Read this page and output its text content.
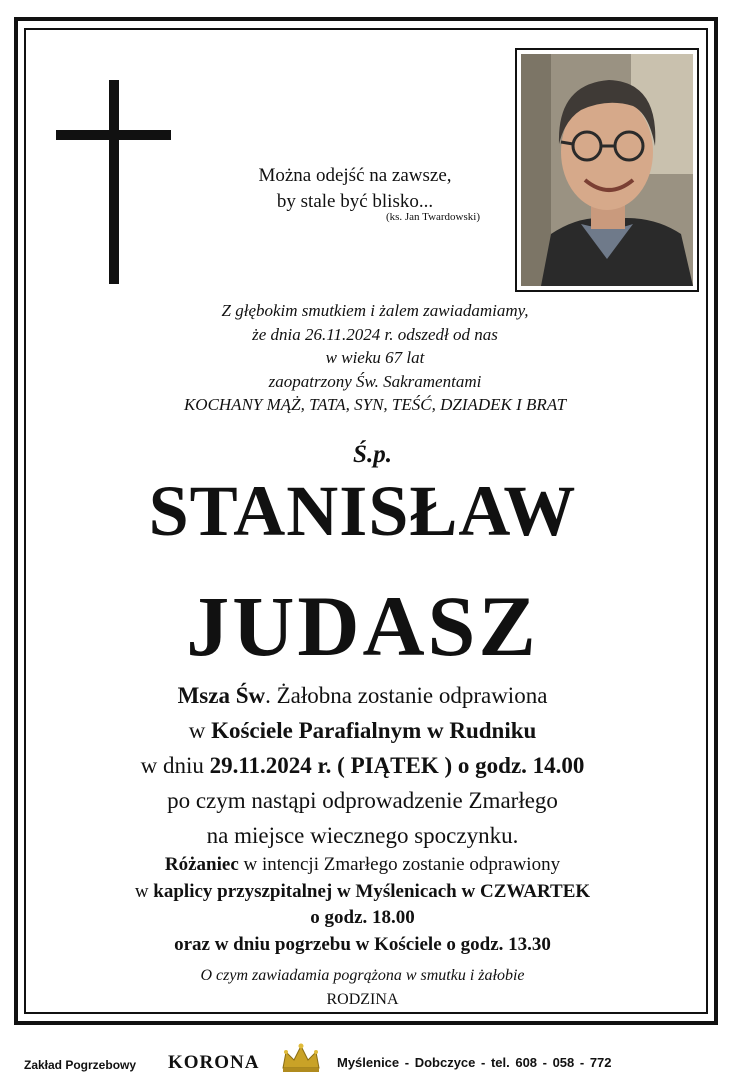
Można odejść na zawsze,
by stale być blisko...
(ks. Jan Twardowski)
Z głębokim smutkiem i żalem zawiadamiamy,
że dnia 26.11.2024 r. odszedł od nas
w wieku 67 lat
zaopatrzony Św. Sakramentami
KOCHANY MĄŻ, TATA, SYN, TEŚĆ, DZIADEK I BRAT
Ś.p.
STANISŁAW
JUDASZ
Msza Św. Żałobna zostanie odprawiona
w Kościele Parafialnym w Rudniku
w dniu 29.11.2024 r. ( PIĄTEK ) o godz. 14.00
po czym nastąpi odprowadzenie Zmarłego
na miejsce wiecznego spoczynku.
Różaniec w intencji Zmarłego zostanie odprawiony
w kaplicy przyszpitalnej w Myślenicach w CZWARTEK
o godz. 18.00
oraz w dniu pogrzebu w Kościele o godz. 13.30
O czym zawiadamia pogrążona w smutku i żałobie
RODZINA
Zakład Pogrzebowy KORONA	Myślenice - Dobczyce - tel. 608 - 058 - 772
